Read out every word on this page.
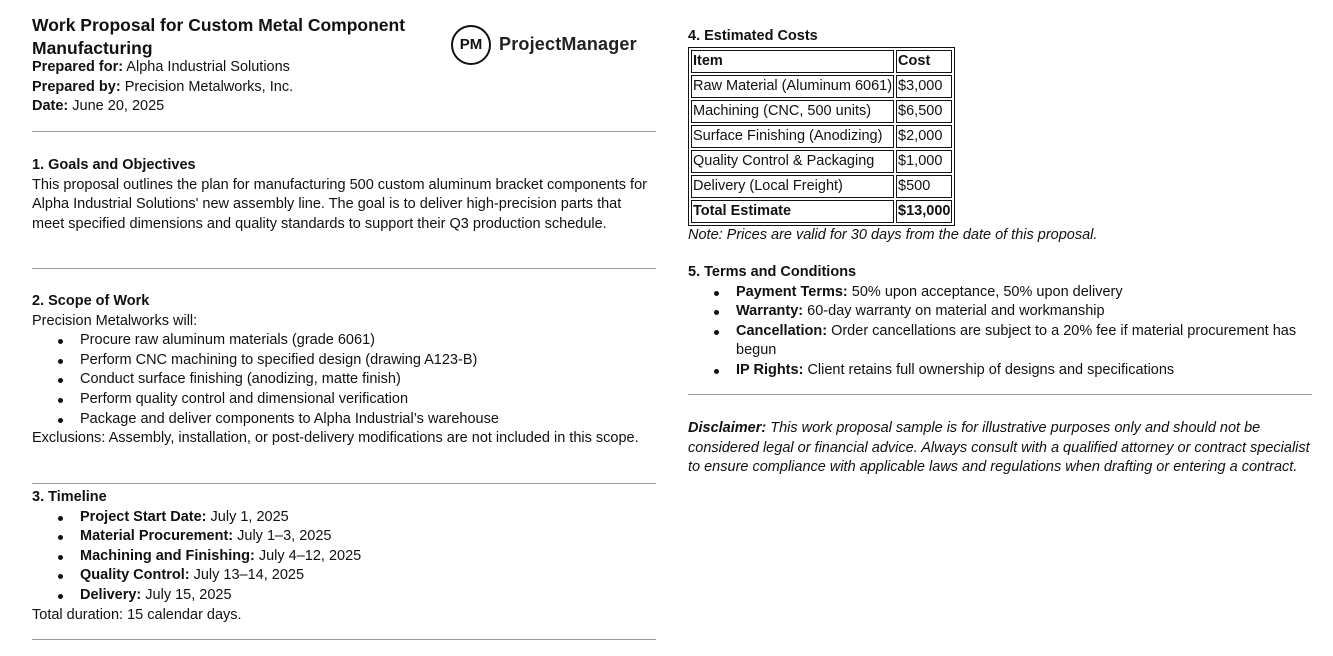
Work Proposal for Custom Metal Component Manufacturing	PM ProjectManager
Prepared for: Alpha Industrial Solutions
Prepared by: Precision Metalworks, Inc.
Date: June 20, 2025
1. Goals and Objectives

This proposal outlines the plan for manufacturing 500 custom aluminum bracket components for Alpha Industrial Solutions' new assembly line. The goal is to deliver high-precision parts that meet specified dimensions and quality standards to support their Q3 production schedule.

2. Scope of Work

Precision Metalworks will:

Procure raw aluminum materials (grade 6061)
Perform CNC machining to specified design (drawing A123-B)
Conduct surface finishing (anodizing, matte finish)
Perform quality control and dimensional verification
Package and deliver components to Alpha Industrial’s warehouse

Exclusions: Assembly, installation, or post-delivery modifications are not included in this scope.

3. Timeline
Project Start Date: July 1, 2025
Material Procurement: July 1–3, 2025
Machining and Finishing: July 4–12, 2025
Quality Control: July 13–14, 2025
Delivery: July 15, 2025

Total duration: 15 calendar days.

4. Estimated Costs
Item	Cost
Raw Material (Aluminum 6061)	$3,000
Machining (CNC, 500 units)	$6,500
Surface Finishing (Anodizing)	$2,000
Quality Control & Packaging	$1,000
Delivery (Local Freight)	$500
Total Estimate	$13,000

Note: Prices are valid for 30 days from the date of this proposal.

5. Terms and Conditions
Payment Terms: 50% upon acceptance, 50% upon delivery
Warranty: 60-day warranty on material and workmanship
Cancellation: Order cancellations are subject to a 20% fee if material procurement has begun
IP Rights: Client retains full ownership of designs and specifications

Disclaimer: This work proposal sample is for illustrative purposes only and should not be considered legal or financial advice. Always consult with a qualified attorney or contract specialist to ensure compliance with applicable laws and regulations when drafting or entering a contract.
